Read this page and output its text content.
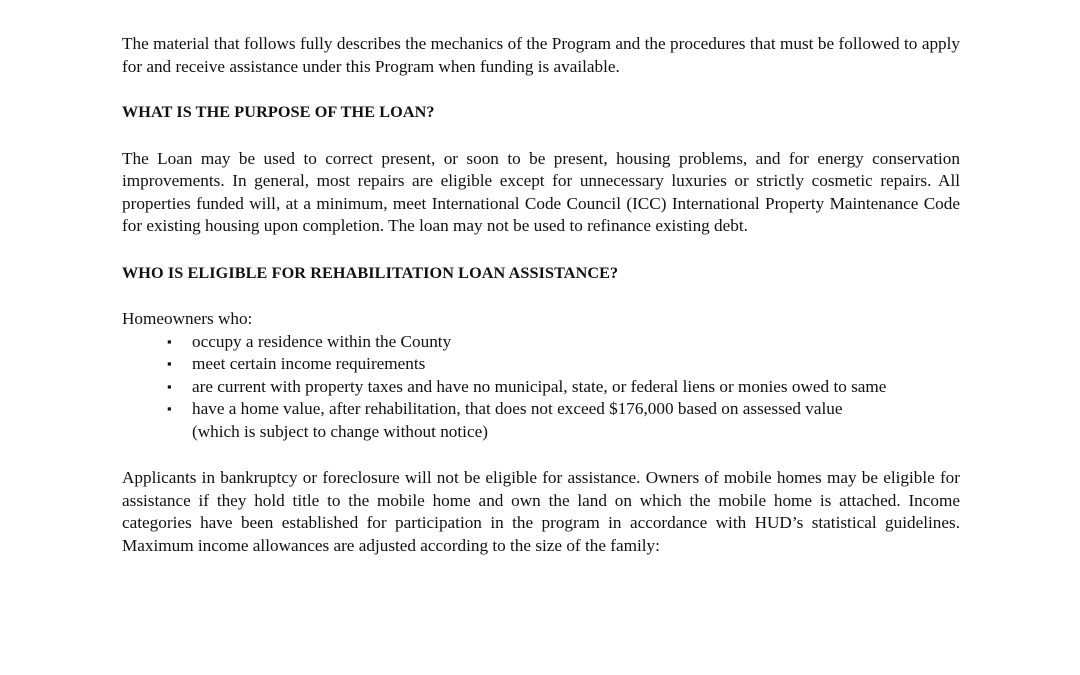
The material that follows fully describes the mechanics of the Program and the procedures that must be followed to apply for and receive assistance under this Program when funding is available.

WHAT IS THE PURPOSE OF THE LOAN?

The Loan may be used to correct present, or soon to be present, housing problems, and for energy conservation improvements. In general, most repairs are eligible except for unnecessary luxuries or strictly cosmetic repairs. All properties funded will, at a minimum, meet International Code Council (ICC) International Property Maintenance Code for existing housing upon completion. The loan may not be used to refinance existing debt.

WHO IS ELIGIBLE FOR REHABILITATION LOAN ASSISTANCE?

Homeowners who:

▪ occupy a residence within the County
▪ meet certain income requirements
▪ are current with property taxes and have no municipal, state, or federal liens or monies owed to same
▪ have a home value, after rehabilitation, that does not exceed $176,000 based on assessed value (which is subject to change without notice)

Applicants in bankruptcy or foreclosure will not be eligible for assistance. Owners of mobile homes may be eligible for assistance if they hold title to the mobile home and own the land on which the mobile home is attached. Income categories have been established for participation in the program in accordance with HUD’s statistical guidelines. Maximum income allowances are adjusted according to the size of the family:
